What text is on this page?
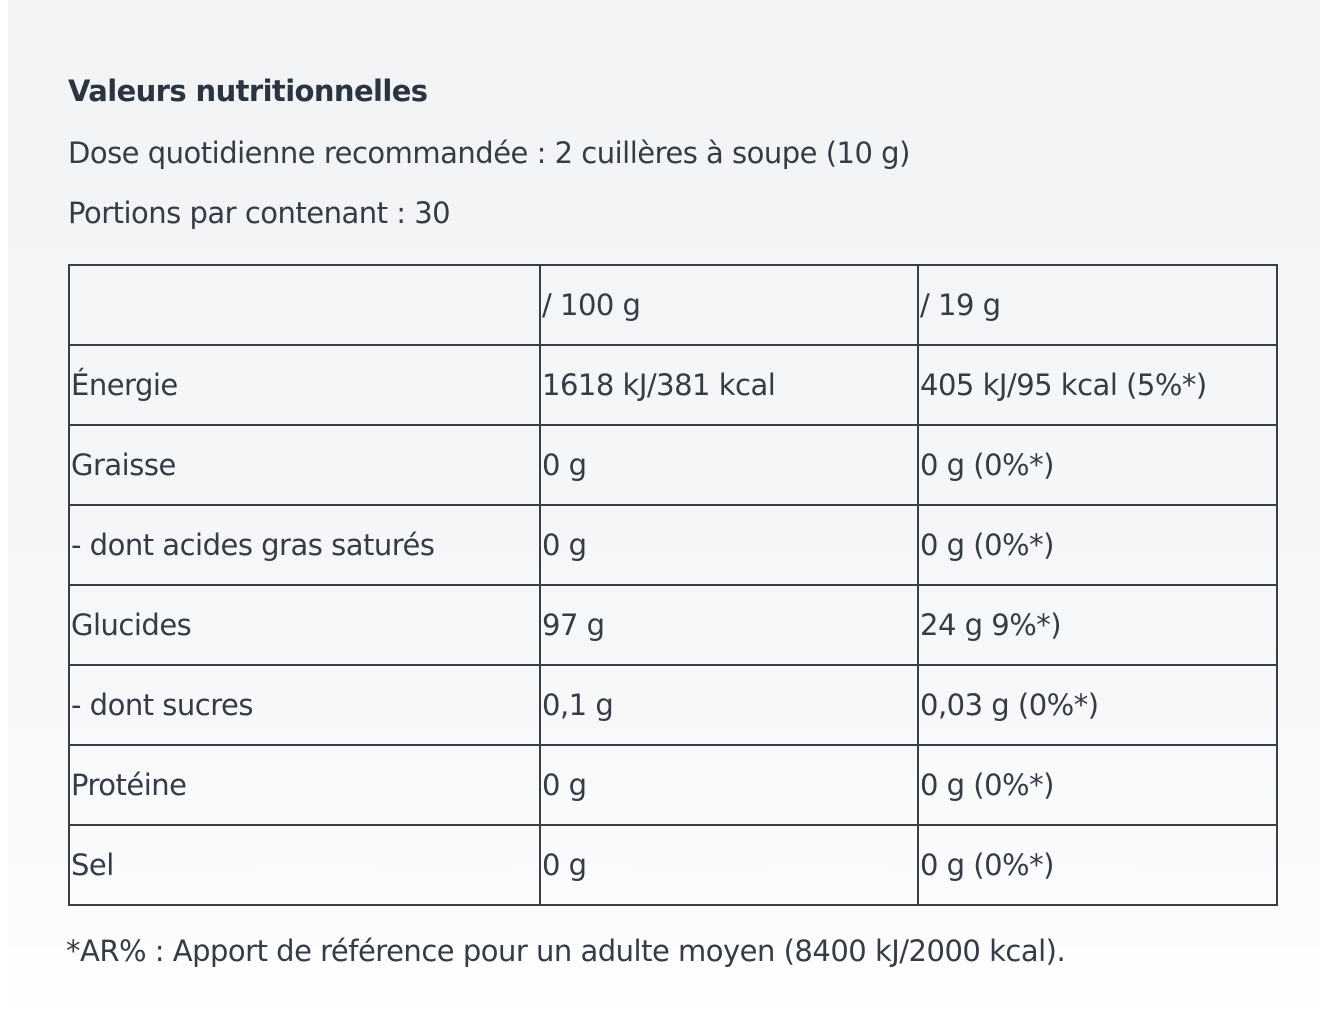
Valeurs nutritionnelles
Dose quotidienne recommandée : 2 cuillères à soupe (10 g)
Portions par contenant : 30
	/ 100 g	/ 19 g
Énergie	1618 kJ/381 kcal	405 kJ/95 kcal (5%*)
Graisse	0 g	0 g (0%*)
- dont acides gras saturés	0 g	0 g (0%*)
Glucides	97 g	24 g 9%*)
- dont sucres	0,1 g	0,03 g (0%*)
Protéine	0 g	0 g (0%*)
Sel	0 g	0 g (0%*)
*AR% : Apport de référence pour un adulte moyen (8400 kJ/2000 kcal).
